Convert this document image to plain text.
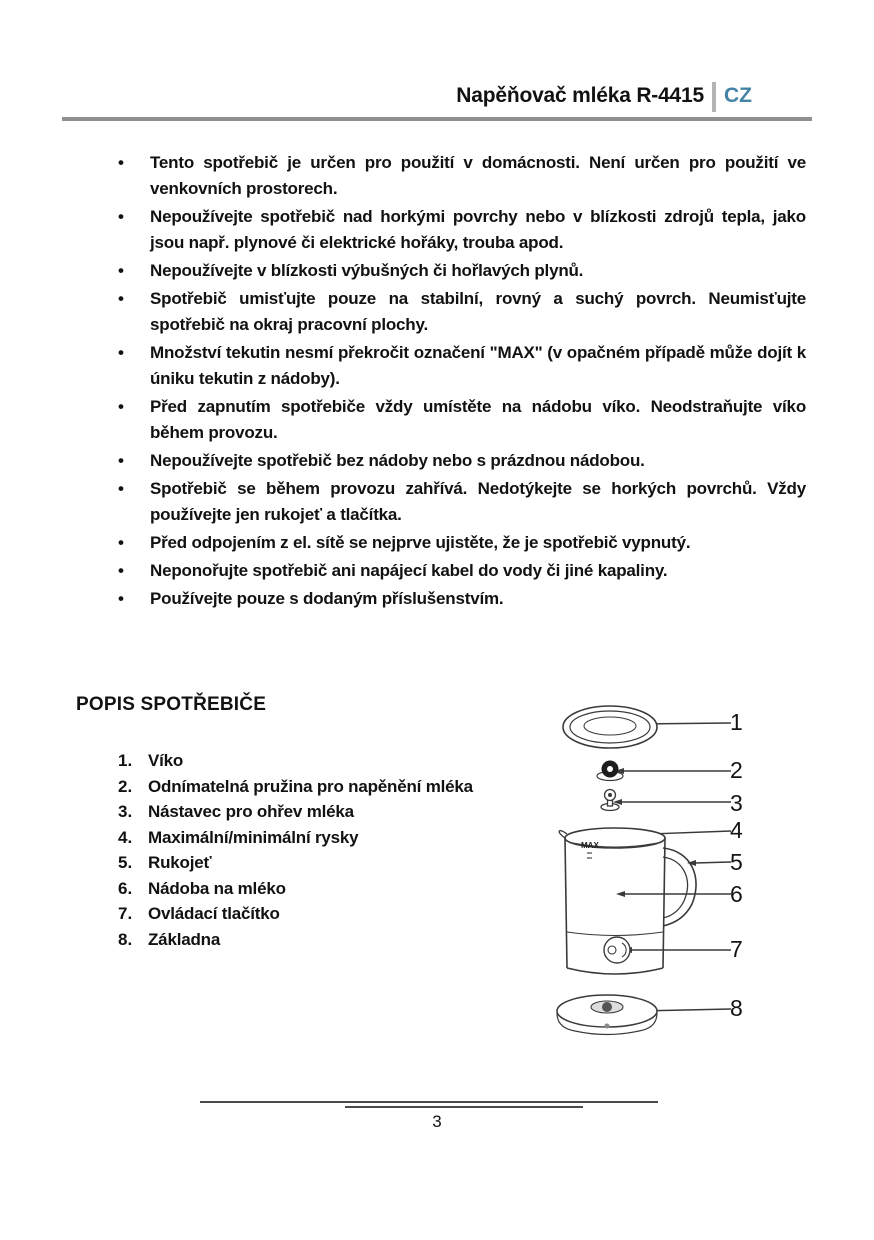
Napěňovač mléka R-4415 CZ
•	Tento spotřebič je určen pro použití v domácnosti. Není určen pro použití ve venkovních prostorech.
•	Nepoužívejte spotřebič nad horkými povrchy nebo v blízkosti zdrojů tepla, jako jsou např. plynové či elektrické hořáky, trouba apod.
•	Nepoužívejte v blízkosti výbušných či hořlavých plynů.
•	Spotřebič umisťujte pouze na stabilní, rovný a suchý povrch. Neumisťujte spotřebič na okraj pracovní plochy.
•	Množství tekutin nesmí překročit označení "MAX" (v opačném případě může dojít k úniku tekutin z nádoby).
•	Před zapnutím spotřebiče vždy umístěte na nádobu víko. Neodstraňujte víko během provozu.
•	Nepoužívejte spotřebič bez nádoby nebo s prázdnou nádobou.
•	Spotřebič se během provozu zahřívá. Nedotýkejte se horkých povrchů. Vždy používejte jen rukojeť a tlačítka.
•	Před odpojením z el. sítě se nejprve ujistěte, že je spotřebič vypnutý.
•	Neponořujte spotřebič ani napájecí kabel do vody či jiné kapaliny.
•	Používejte pouze s dodaným příslušenstvím.
POPIS SPOTŘEBIČE
1. Víko
2. Odnímatelná pružina pro napěnění mléka
3. Nástavec pro ohřev mléka
4. Maximální/minimální rysky
5. Rukojeť
6. Nádoba na mléko
7. Ovládací tlačítko
8. Základna
MAX
1
2
3
4
5
6
7
8
3
